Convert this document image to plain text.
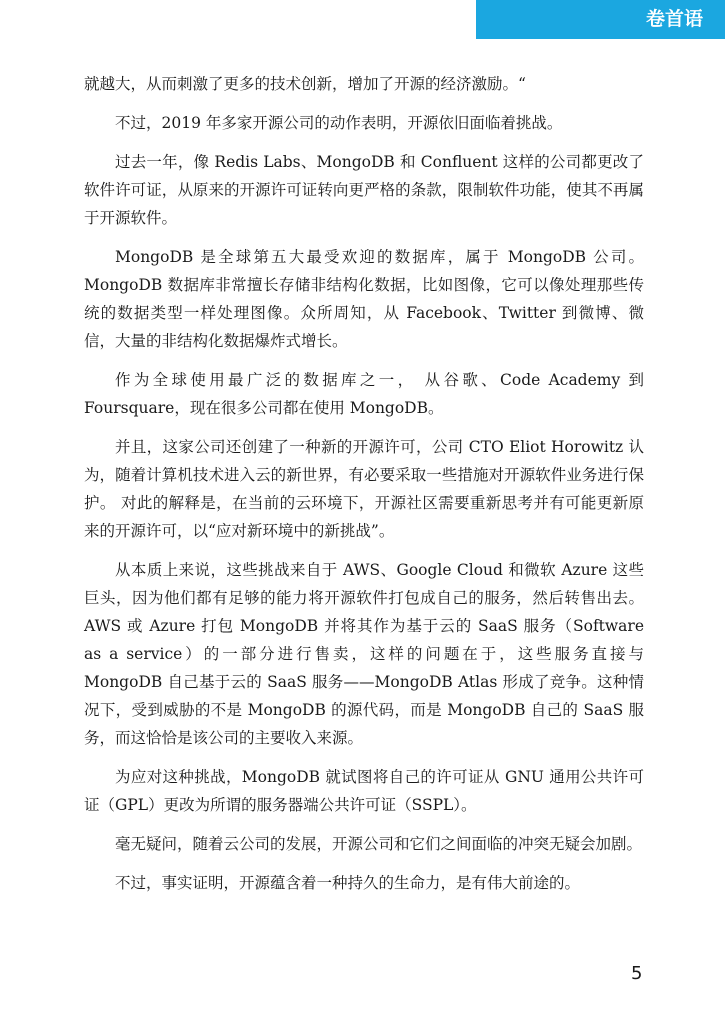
卷首语

就越大，从而刺激了更多的技术创新，增加了开源的经济激励。“

不过，2019 年多家开源公司的动作表明，开源依旧面临着挑战。

过去一年，像 Redis Labs、MongoDB 和 Confluent 这样的公司都更改了软件许可证，从原来的开源许可证转向更严格的条款，限制软件功能，使其不再属于开源软件。

MongoDB 是全球第五大最受欢迎的数据库，属于 MongoDB 公司。MongoDB 数据库非常擅长存储非结构化数据，比如图像，它可以像处理那些传统的数据类型一样处理图像。众所周知，从 Facebook、Twitter 到微博、微信，大量的非结构化数据爆炸式增长。

作为全球使用最广泛的数据库之一， 从谷歌、Code Academy 到 Foursquare，现在很多公司都在使用 MongoDB。

并且，这家公司还创建了一种新的开源许可，公司 CTO Eliot Horowitz 认为，随着计算机技术进入云的新世界，有必要采取一些措施对开源软件业务进行保护。 对此的解释是，在当前的云环境下，开源社区需要重新思考并有可能更新原来的开源许可，以“应对新环境中的新挑战”。

从本质上来说，这些挑战来自于 AWS、Google Cloud 和微软 Azure 这些巨头，因为他们都有足够的能力将开源软件打包成自己的服务，然后转售出去。AWS 或 Azure 打包 MongoDB 并将其作为基于云的 SaaS 服务（Software as a service）的一部分进行售卖，这样的问题在于，这些服务直接与 MongoDB 自己基于云的 SaaS 服务——MongoDB Atlas 形成了竞争。这种情况下，受到威胁的不是 MongoDB 的源代码，而是 MongoDB 自己的 SaaS 服务，而这恰恰是该公司的主要收入来源。

为应对这种挑战，MongoDB 就试图将自己的许可证从 GNU 通用公共许可证（GPL）更改为所谓的服务器端公共许可证（SSPL）。

毫无疑问，随着云公司的发展，开源公司和它们之间面临的冲突无疑会加剧。

不过，事实证明，开源蕴含着一种持久的生命力，是有伟大前途的。

5
